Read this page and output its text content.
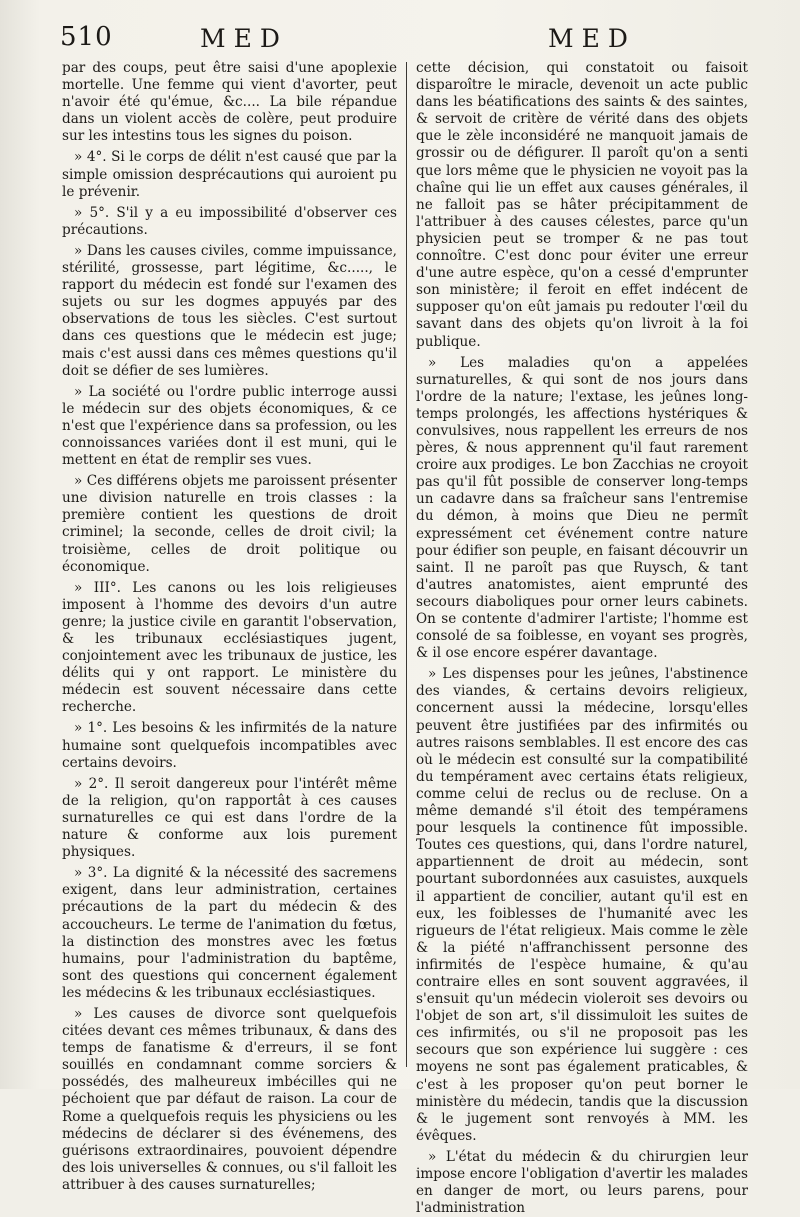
510	MED	MED

par des coups, peut être saisi d'une apoplexie mortelle. Une femme qui vient d'avorter, peut n'avoir été qu'émue, &c.... La bile répandue dans un violent accès de colère, peut produire sur les intestins tous les signes du poison.

» 4°. Si le corps de délit n'est causé que par la simple omission desprécautions qui auroient pu le prévenir.

» 5°. S'il y a eu impossibilité d'observer ces précautions.

» Dans les causes civiles, comme impuissance, stérilité, grossesse, part légitime, &c....., le rapport du médecin est fondé sur l'examen des sujets ou sur les dogmes appuyés par des observations de tous les siècles. C'est surtout dans ces questions que le médecin est juge; mais c'est aussi dans ces mêmes questions qu'il doit se défier de ses lumières.

» La société ou l'ordre public interroge aussi le médecin sur des objets économiques, & ce n'est que l'expérience dans sa profession, ou les connoissances variées dont il est muni, qui le mettent en état de remplir ses vues.

» Ces différens objets me paroissent présenter une division naturelle en trois classes : la première contient les questions de droit criminel; la seconde, celles de droit civil; la troisième, celles de droit politique ou économique.

» III°. Les canons ou les lois religieuses imposent à l'homme des devoirs d'un autre genre; la justice civile en garantit l'observation, & les tribunaux ecclésiastiques jugent, conjointement avec les tribunaux de justice, les délits qui y ont rapport. Le ministère du médecin est souvent nécessaire dans cette recherche.

» 1°. Les besoins & les infirmités de la nature humaine sont quelquefois incompatibles avec certains devoirs.

» 2°. Il seroit dangereux pour l'intérêt même de la religion, qu'on rapportât à ces causes surnaturelles ce qui est dans l'ordre de la nature & conforme aux lois purement physiques.

» 3°. La dignité & la nécessité des sacremens exigent, dans leur administration, certaines précautions de la part du médecin & des accoucheurs. Le terme de l'animation du fœtus, la distinction des monstres avec les fœtus humains, pour l'administration du baptême, sont des questions qui concernent également les médecins & les tribunaux ecclésiastiques.

» Les causes de divorce sont quelquefois citées devant ces mêmes tribunaux, & dans des temps de fanatisme & d'erreurs, il se font souillés en condamnant comme sorciers & possédés, des malheureux imbécilles qui ne péchoient que par défaut de raison. La cour de Rome a quelquefois requis les physiciens ou les médecins de déclarer si des événemens, des guérisons extraordinaires, pouvoient dépendre des lois universelles & connues, ou s'il falloit les attribuer à des causes surnaturelles;

cette décision, qui constatoit ou faisoit disparoître le miracle, devenoit un acte public dans les béatifications des saints & des saintes, & servoit de critère de vérité dans des objets que le zèle inconsidéré ne manquoit jamais de grossir ou de défigurer. Il paroît qu'on a senti que lors même que le physicien ne voyoit pas la chaîne qui lie un effet aux causes générales, il ne falloit pas se hâter précipitamment de l'attribuer à des causes célestes, parce qu'un physicien peut se tromper & ne pas tout connoître. C'est donc pour éviter une erreur d'une autre espèce, qu'on a cessé d'emprunter son ministère; il feroit en effet indécent de supposer qu'on eût jamais pu redouter l'œil du savant dans des objets qu'on livroit à la foi publique.

» Les maladies qu'on a appelées surnaturelles, & qui sont de nos jours dans l'ordre de la nature; l'extase, les jeûnes long-temps prolongés, les affections hystériques & convulsives, nous rappellent les erreurs de nos pères, & nous apprennent qu'il faut rarement croire aux prodiges. Le bon Zacchias ne croyoit pas qu'il fût possible de conserver long-temps un cadavre dans sa fraîcheur sans l'entremise du démon, à moins que Dieu ne permît expressément cet événement contre nature pour édifier son peuple, en faisant découvrir un saint. Il ne paroît pas que Ruysch, & tant d'autres anatomistes, aient emprunté des secours diaboliques pour orner leurs cabinets. On se contente d'admirer l'artiste; l'homme est consolé de sa foiblesse, en voyant ses progrès, & il ose encore espérer davantage.

» Les dispenses pour les jeûnes, l'abstinence des viandes, & certains devoirs religieux, concernent aussi la médecine, lorsqu'elles peuvent être justifiées par des infirmités ou autres raisons semblables. Il est encore des cas où le médecin est consulté sur la compatibilité du tempérament avec certains états religieux, comme celui de reclus ou de recluse. On a même demandé s'il étoit des tempéramens pour lesquels la continence fût impossible. Toutes ces questions, qui, dans l'ordre naturel, appartiennent de droit au médecin, sont pourtant subordonnées aux casuistes, auxquels il appartient de concilier, autant qu'il est en eux, les foiblesses de l'humanité avec les rigueurs de l'état religieux. Mais comme le zèle & la piété n'affranchissent personne des infirmités de l'espèce humaine, & qu'au contraire elles en sont souvent aggravées, il s'ensuit qu'un médecin violeroit ses devoirs ou l'objet de son art, s'il dissimuloit les suites de ces infirmités, ou s'il ne proposoit pas les secours que son expérience lui suggère : ces moyens ne sont pas également praticables, & c'est à les proposer qu'on peut borner le ministère du médecin, tandis que la discussion & le jugement sont renvoyés à MM. les évêques.

» L'état du médecin & du chirurgien leur impose encore l'obligation d'avertir les malades en danger de mort, ou leurs parens, pour l'administration
